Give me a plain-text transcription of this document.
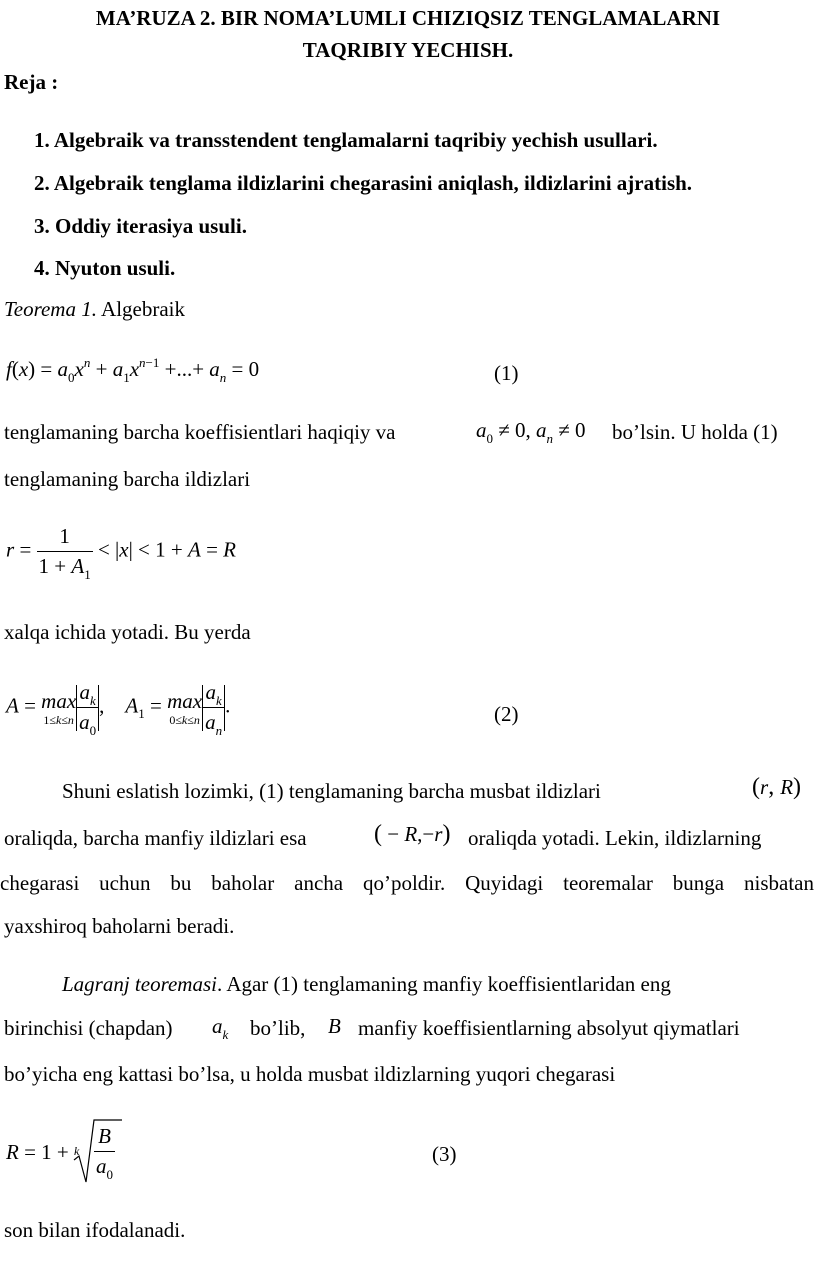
MA’RUZA 2. BIR NOMA’LUMLI CHIZIQSIZ TENGLAMALARNI
TAQRIBIY YECHISH.
Reja :
1. Algebraik va transstendent tenglamalarni taqribiy yechish usullari.
2. Algebraik tenglama ildizlarini chegarasini aniqlash, ildizlarini ajratish.
3. Oddiy iterasiya usuli.
4. Nyuton usuli.
Teorema 1. Algebraik
$f(x) = a_0x^n + a_1x^{n-1}$ +...+ $a_n = 0$	(1)
tenglamaning barcha koeffisientlari haqiqiy va	$a_0 \ne 0$, $a_n \ne 0$ bo’lsin. U holda (1)
tenglamaning barcha ildizlari
$r = \frac{1}{1 + A_1} < |x| < 1 + A = R$
xalqa ichida yotadi. Bu yerda
A = max
$1\le k\le n \frac{a_k}{a_0}$ ,    $A_1 = \max$
$0\le k\le n \frac{a_k}{a_n}$ .	(2)
Shuni eslatish lozimki, (1) tenglamaning barcha musbat ildizlari	(r, R)
oraliqda, barcha manfiy ildizlari esa	( − R,−r) oraliqda yotadi. Lekin, ildizlarning
chegarasi uchun bu baholar ancha qo’poldir. Quyidagi teoremalar bunga nisbatan
yaxshiroq baholarni beradi.
Lagranj teoremasi. Agar (1) tenglamaning manfiy koeffisientlaridan eng
birinchisi (chapdan) $a_k$ bo’lib, B manfiy koeffisientlarning absolyut qiymatlari
bo’yicha eng kattasi bo’lsa, u holda musbat ildizlarning yuqori chegarasi
R = 1 + k $\frac{B}{a_0}$	(3)
son bilan ifodalanadi.
